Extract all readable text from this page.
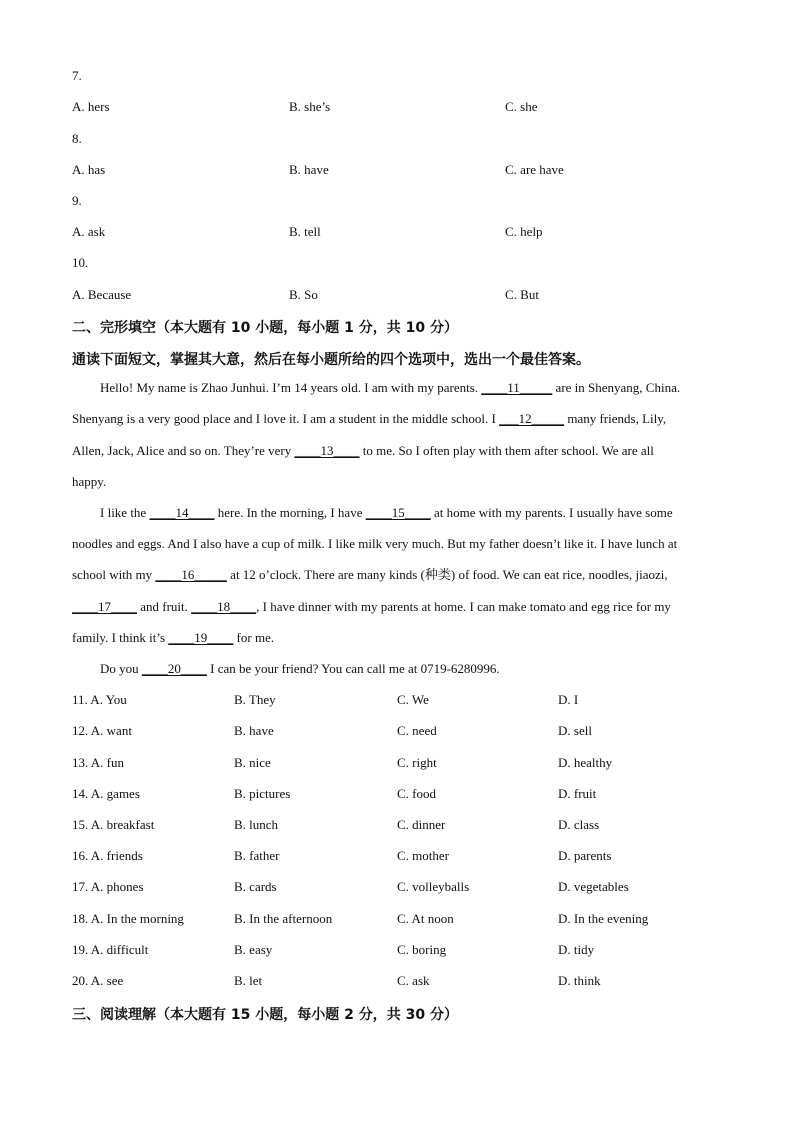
7.
A. hers	B. she’s	C. she
8.
A. has	B. have	C. are have
9.
A. ask	B. tell	C. help
10.
A. Because	B. So	C. But
二、完形填空（本大题有 10 小题，每小题 1 分，共 10 分）
通读下面短文，掌握其大意，然后在每小题所给的四个选项中，选出一个最佳答案。
Hello! My name is Zhao Junhui. I’m 14 years old. I am with my parents. ____11_____ are in Shenyang, China.
Shenyang is a very good place and I love it. I am a student in the middle school. I ___12_____ many friends, Lily,
Allen, Jack, Alice and so on. They’re very ____13____ to me. So I often play with them after school. We are all
happy.
I like the ____14____ here. In the morning, I have ____15____ at home with my parents. I usually have some
noodles and eggs. And I also have a cup of milk. I like milk very much. But my father doesn’t like it. I have lunch at
school with my ____16_____ at 12 o’clock. There are many kinds (种类) of food. We can eat rice, noodles, jiaozi,
____17____ and fruit. ____18____, I have dinner with my parents at home. I can make tomato and egg rice for my
family. I think it’s ____19____ for me.
Do you ____20____ I can be your friend? You can call me at 0719-6280996.
11. A. You	B. They	C. We	D. I
12. A. want	B. have	C. need	D. sell
13. A. fun	B. nice	C. right	D. healthy
14. A. games	B. pictures	C. food	D. fruit
15. A. breakfast	B. lunch	C. dinner	D. class
16. A. friends	B. father	C. mother	D. parents
17. A. phones	B. cards	C. volleyballs	D. vegetables
18. A. In the morning	B. In the afternoon	C. At noon	D. In the evening
19. A. difficult	B. easy	C. boring	D. tidy
20. A. see	B. let	C. ask	D. think
三、阅读理解（本大题有 15 小题，每小题 2 分，共 30 分）
